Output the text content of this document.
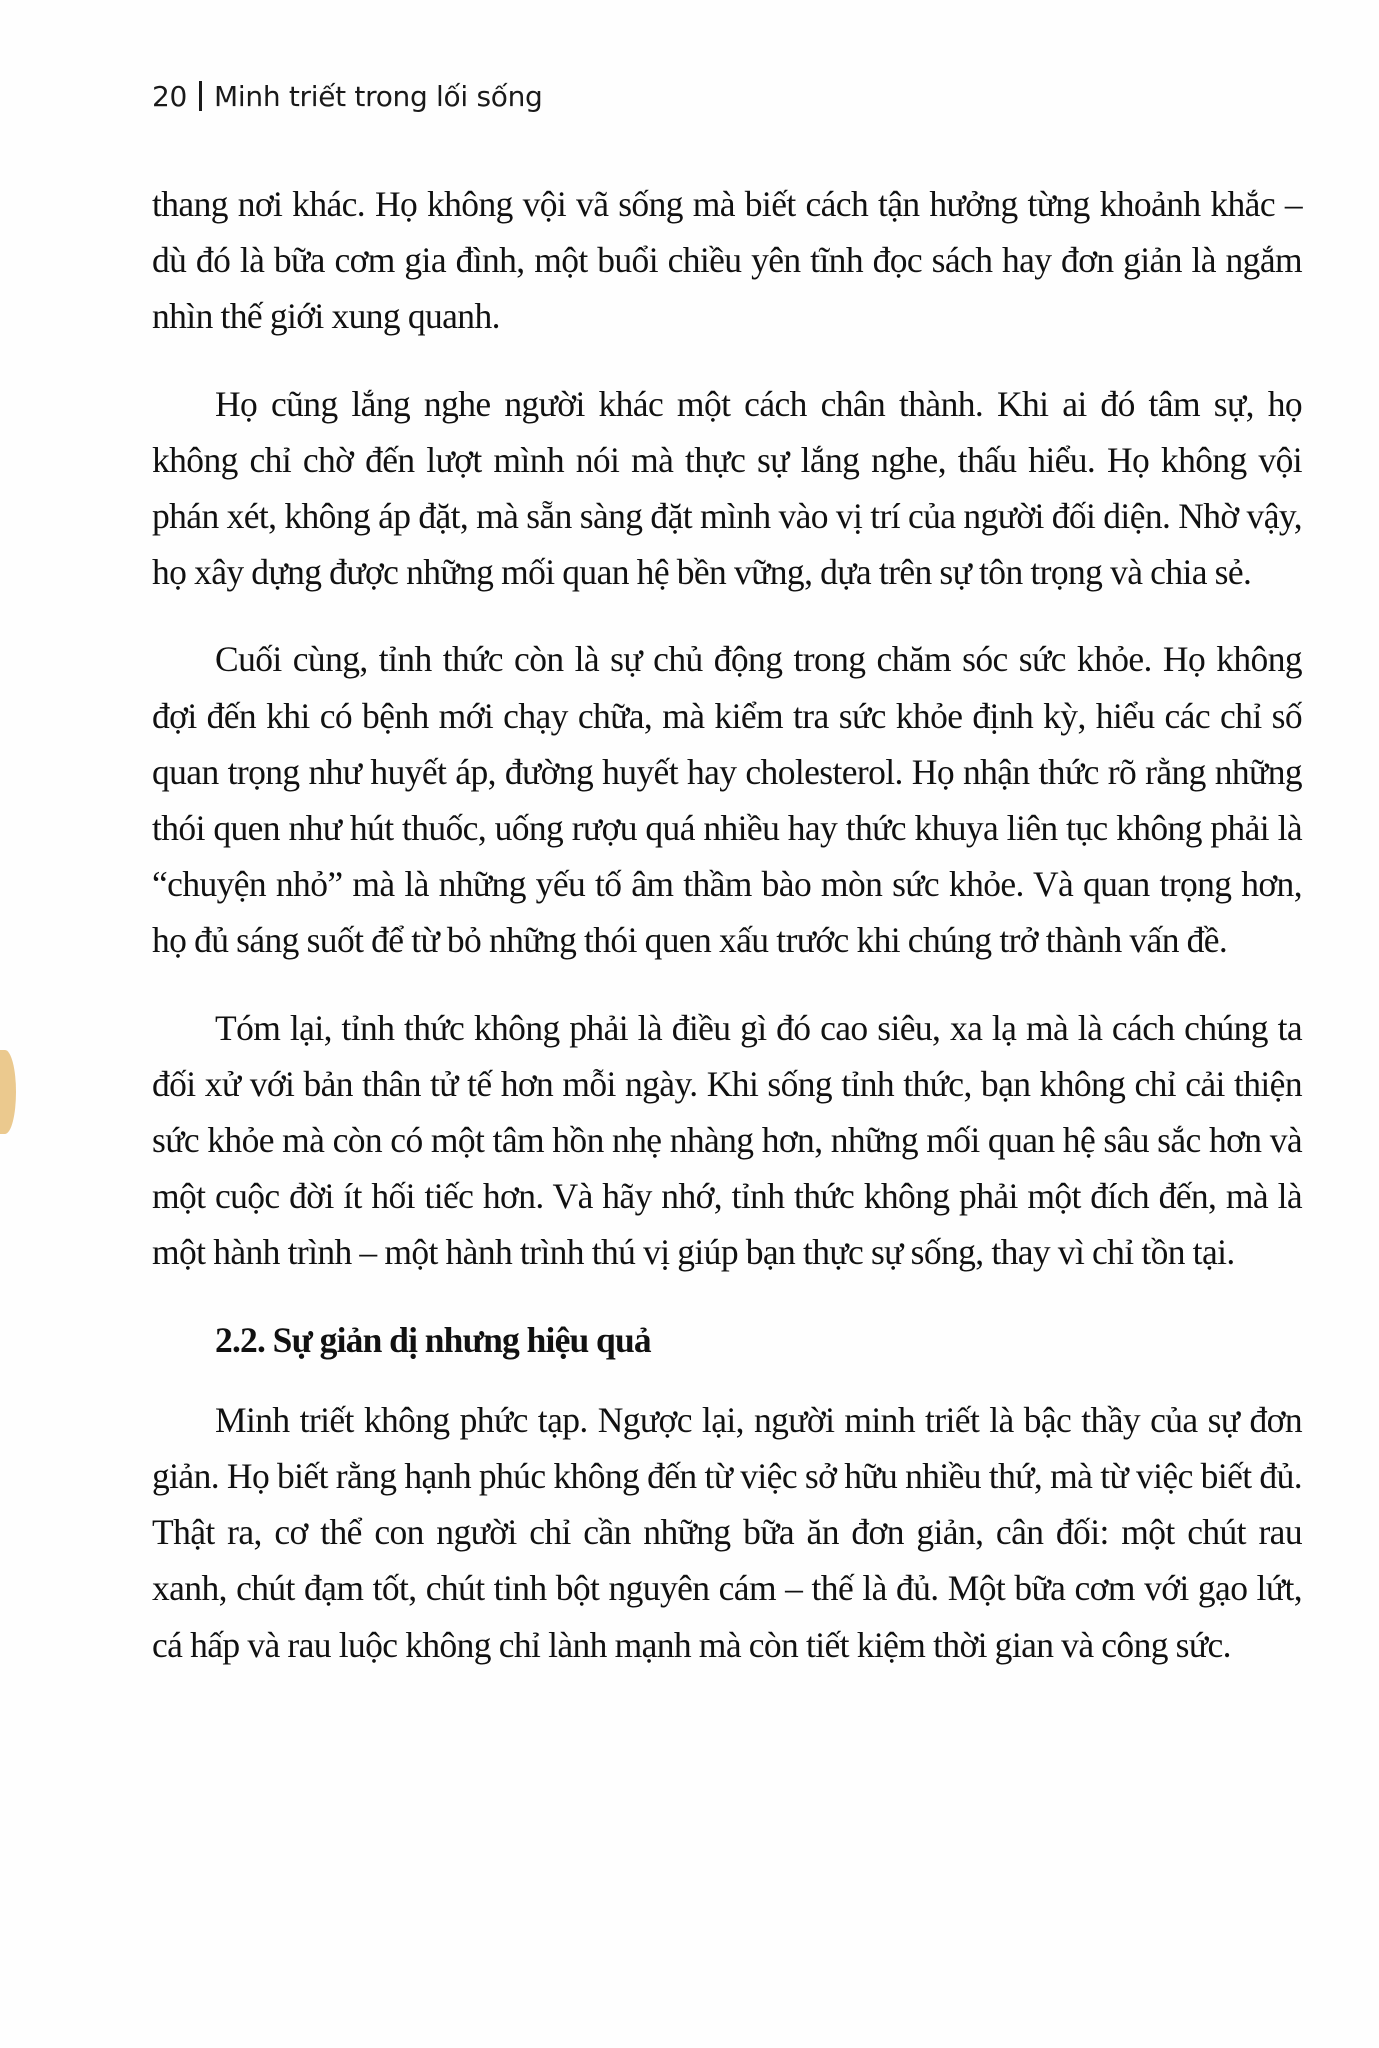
20 Minh triết trong lối sống

thang nơi khác. Họ không vội vã sống mà biết cách tận hưởng từng khoảnh khắc – dù đó là bữa cơm gia đình, một buổi chiều yên tĩnh đọc sách hay đơn giản là ngắm nhìn thế giới xung quanh.

Họ cũng lắng nghe người khác một cách chân thành. Khi ai đó tâm sự, họ không chỉ chờ đến lượt mình nói mà thực sự lắng nghe, thấu hiểu. Họ không vội phán xét, không áp đặt, mà sẵn sàng đặt mình vào vị trí của người đối diện. Nhờ vậy, họ xây dựng được những mối quan hệ bền vững, dựa trên sự tôn trọng và chia sẻ.

Cuối cùng, tỉnh thức còn là sự chủ động trong chăm sóc sức khỏe. Họ không đợi đến khi có bệnh mới chạy chữa, mà kiểm tra sức khỏe định kỳ, hiểu các chỉ số quan trọng như huyết áp, đường huyết hay cholesterol. Họ nhận thức rõ rằng những thói quen như hút thuốc, uống rượu quá nhiều hay thức khuya liên tục không phải là “chuyện nhỏ” mà là những yếu tố âm thầm bào mòn sức khỏe. Và quan trọng hơn, họ đủ sáng suốt để từ bỏ những thói quen xấu trước khi chúng trở thành vấn đề.

Tóm lại, tỉnh thức không phải là điều gì đó cao siêu, xa lạ mà là cách chúng ta đối xử với bản thân tử tế hơn mỗi ngày. Khi sống tỉnh thức, bạn không chỉ cải thiện sức khỏe mà còn có một tâm hồn nhẹ nhàng hơn, những mối quan hệ sâu sắc hơn và một cuộc đời ít hối tiếc hơn. Và hãy nhớ, tỉnh thức không phải một đích đến, mà là một hành trình – một hành trình thú vị giúp bạn thực sự sống, thay vì chỉ tồn tại.

2.2. Sự giản dị nhưng hiệu quả

Minh triết không phức tạp. Ngược lại, người minh triết là bậc thầy của sự đơn giản. Họ biết rằng hạnh phúc không đến từ việc sở hữu nhiều thứ, mà từ việc biết đủ. Thật ra, cơ thể con người chỉ cần những bữa ăn đơn giản, cân đối: một chút rau xanh, chút đạm tốt, chút tinh bột nguyên cám – thế là đủ. Một bữa cơm với gạo lứt, cá hấp và rau luộc không chỉ lành mạnh mà còn tiết kiệm thời gian và công sức.
